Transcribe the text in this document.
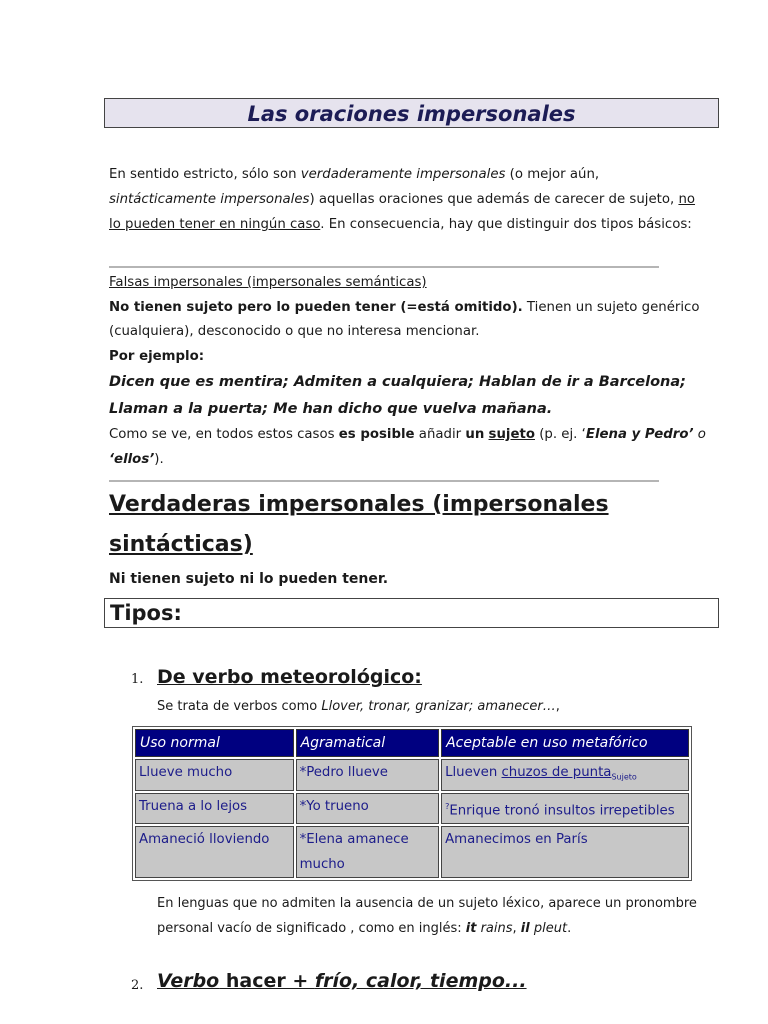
Las oraciones impersonales
En sentido estricto, sólo son verdaderamente impersonales (o mejor aún, sintácticamente impersonales) aquellas oraciones que además de carecer de sujeto, no lo pueden tener en ningún caso. En consecuencia, hay que distinguir dos tipos básicos:
Falsas impersonales (impersonales semánticas)
No tienen sujeto pero lo pueden tener (=está omitido). Tienen un sujeto genérico (cualquiera), desconocido o que no interesa mencionar.
Por ejemplo:
Dicen que es mentira; Admiten a cualquiera; Hablan de ir a Barcelona; Llaman a la puerta; Me han dicho que vuelva mañana.
Como se ve, en todos estos casos es posible añadir un sujeto (p. ej. ‘Elena y Pedro’ o ‘ellos’).
Verdaderas impersonales (impersonales sintácticas)
Ni tienen sujeto ni lo pueden tener.
Tipos:
1. De verbo meteorológico:
Se trata de verbos como Llover, tronar, granizar; amanecer…,
Uso normal	Agramatical	Aceptable en uso metafórico
Llueve mucho	*Pedro llueve	Llueven chuzos de punta$_{Sujeto}$
Truena a lo lejos	*Yo trueno	?Enrique tronó insultos irrepetibles
Amaneció lloviendo	*Elena amanece mucho	Amanecimos en París
En lenguas que no admiten la ausencia de un sujeto léxico, aparece un pronombre personal vacío de significado , como en inglés: it rains, il pleut.
2. Verbo hacer + frío, calor, tiempo...
